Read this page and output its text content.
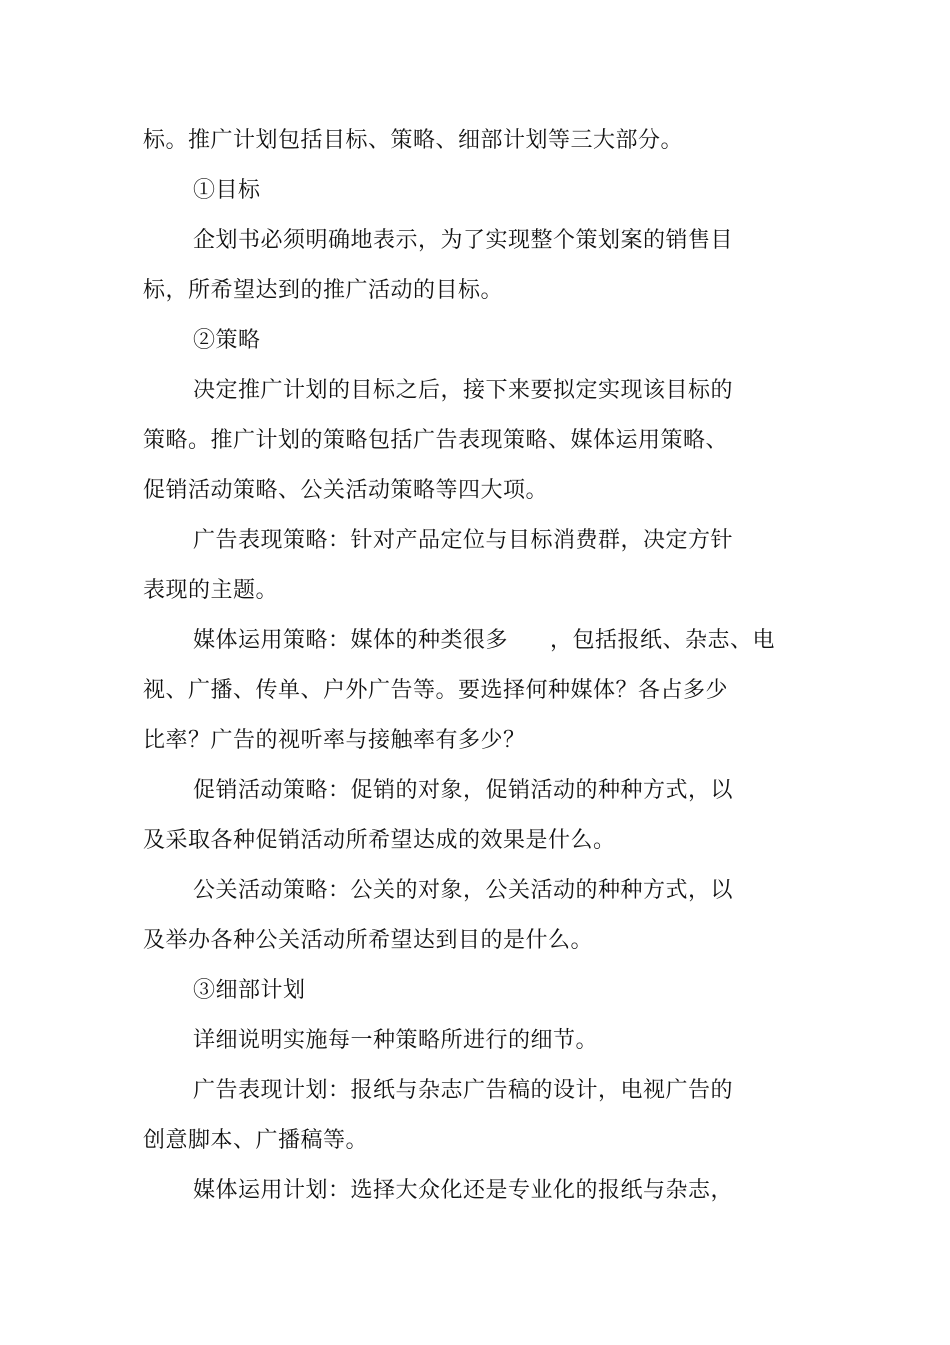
标。推广计划包括目标、策略、细部计划等三大部分。
①目标
企划书必须明确地表示，为了实现整个策划案的销售目
标，所希望达到的推广活动的目标。
②策略
决定推广计划的目标之后，接下来要拟定实现该目标的
策略。推广计划的策略包括广告表现策略、媒体运用策略、
促销活动策略、公关活动策略等四大项。
广告表现策略：针对产品定位与目标消费群，决定方针
表现的主题。
媒体运用策略：媒体的种类很多 ，包括报纸、杂志、电
视、广播、传单、户外广告等。要选择何种媒体？各占多少
比率？广告的视听率与接触率有多少？
促销活动策略：促销的对象，促销活动的种种方式，以
及采取各种促销活动所希望达成的效果是什么。
公关活动策略：公关的对象，公关活动的种种方式，以
及举办各种公关活动所希望达到目的是什么。
③细部计划
详细说明实施每一种策略所进行的细节。
广告表现计划：报纸与杂志广告稿的设计，电视广告的
创意脚本、广播稿等。
媒体运用计划：选择大众化还是专业化的报纸与杂志，
